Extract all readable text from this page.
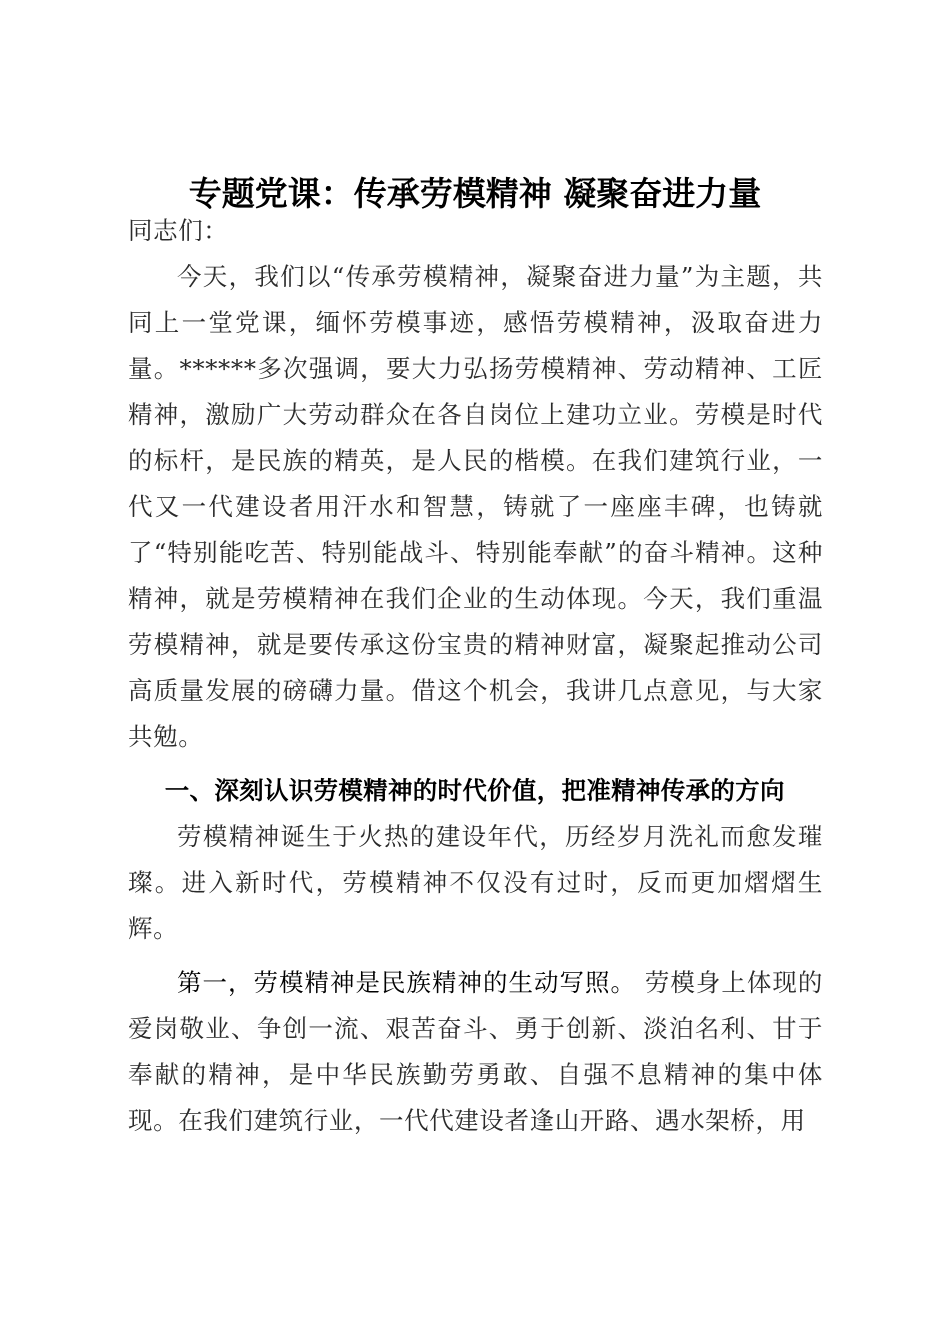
专题党课：传承劳模精神 凝聚奋进力量

同志们：

今天，我们以“传承劳模精神，凝聚奋进力量”为主题，共同上一堂党课，缅怀劳模事迹，感悟劳模精神，汲取奋进力量。******多次强调，要大力弘扬劳模精神、劳动精神、工匠精神，激励广大劳动群众在各自岗位上建功立业。劳模是时代的标杆，是民族的精英，是人民的楷模。在我们建筑行业，一代又一代建设者用汗水和智慧，铸就了一座座丰碑，也铸就了“特别能吃苦、特别能战斗、特别能奉献”的奋斗精神。这种精神，就是劳模精神在我们企业的生动体现。今天，我们重温劳模精神，就是要传承这份宝贵的精神财富，凝聚起推动公司高质量发展的磅礴力量。借这个机会，我讲几点意见，与大家共勉。

一、深刻认识劳模精神的时代价值，把准精神传承的方向

劳模精神诞生于火热的建设年代，历经岁月洗礼而愈发璀璨。进入新时代，劳模精神不仅没有过时，反而更加熠熠生辉。

第一，劳模精神是民族精神的生动写照。 劳模身上体现的爱岗敬业、争创一流、艰苦奋斗、勇于创新、淡泊名利、甘于奉献的精神，是中华民族勤劳勇敢、自强不息精神的集中体现。在我们建筑行业，一代代建设者逢山开路、遇水架桥，用
